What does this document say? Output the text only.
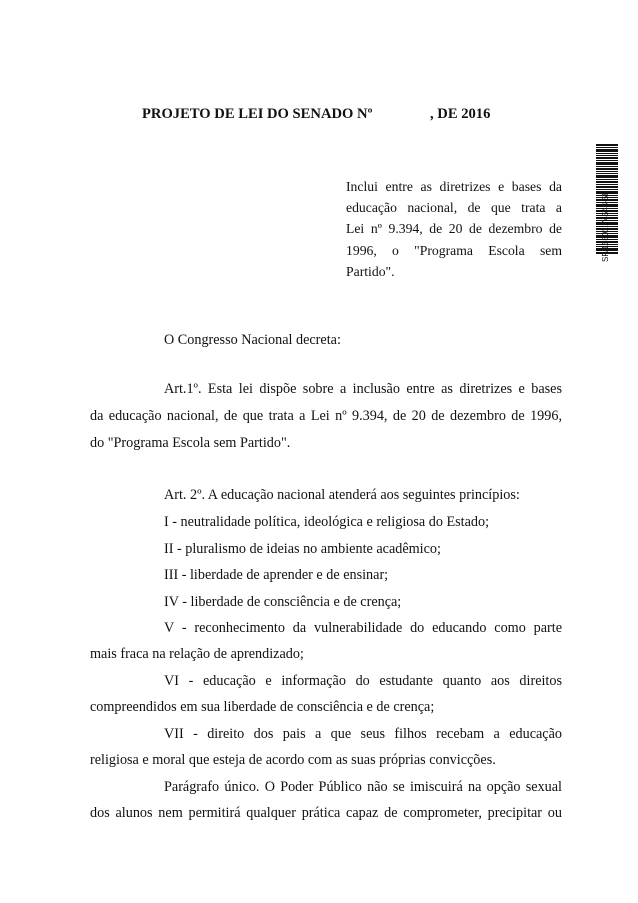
PROJETO DE LEI DO SENADO Nº	, DE 2016
Inclui entre as diretrizes e bases da
educação nacional, de que trata a
Lei nº 9.394, de 20 de dezembro de
1996, o "Programa Escola sem
Partido".
SF/16801.74544-58
O Congresso Nacional decreta:
Art.1º. Esta lei dispõe sobre a inclusão entre as diretrizes e bases
da educação nacional, de que trata a Lei nº 9.394, de 20 de dezembro de 1996,
do "Programa Escola sem Partido".
Art. 2º. A educação nacional atenderá aos seguintes princípios:
I - neutralidade política, ideológica e religiosa do Estado;
II - pluralismo de ideias no ambiente acadêmico;
III - liberdade de aprender e de ensinar;
IV - liberdade de consciência e de crença;
V - reconhecimento da vulnerabilidade do educando como parte
mais fraca na relação de aprendizado;
VI - educação e informação do estudante quanto aos direitos
compreendidos em sua liberdade de consciência e de crença;
VII - direito dos pais a que seus filhos recebam a educação
religiosa e moral que esteja de acordo com as suas próprias convicções.
Parágrafo único. O Poder Público não se imiscuirá na opção sexual
dos alunos nem permitirá qualquer prática capaz de comprometer, precipitar ou
